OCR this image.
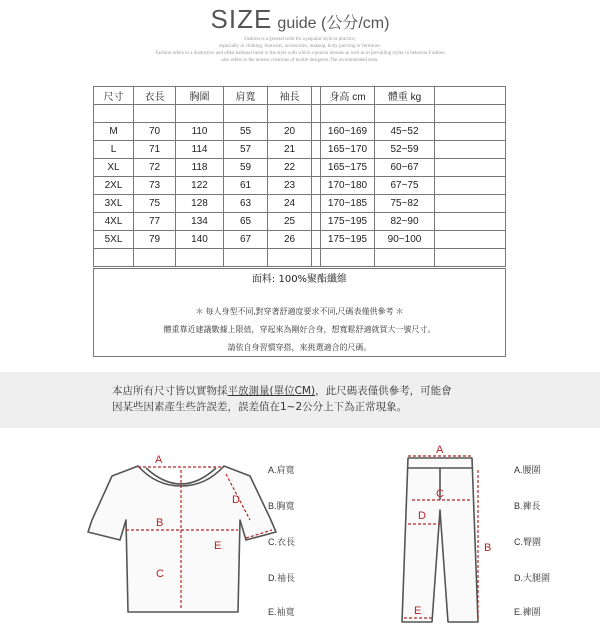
SIZE guide (公分/cm)
Fashion is a general term for a popular style or practice,
especially in clothing, footwear, accessories, makeup, body piercing or furniture.
Fashion refers to a distinctive and often habitual trend in the style with which a person dresses as well as to prevailing styles in behavior.Fashion
also refers to the newest creations of textile designers.The recommended term.
尺寸	衣長	胸圍	肩寬	袖長		身高 cm	體重 kg	

M	70	110	55	20		160~169	45~52	
L	71	114	57	21		165~170	52~59	
XL	72	118	59	22		165~175	60~67	
2XL	73	122	61	23		170~180	67~75	
3XL	75	128	63	24		170~185	75~82	
4XL	77	134	65	25		175~195	82~90	
5XL	79	140	67	26		175~195	90~100	

面料: 100%聚酯纖維
＊ 每人身型不同,對穿著舒適度要求不同,尺碼表僅供參考 ＊
體重靠近建議數據上限值，穿起來為剛好合身，想寬鬆舒適就買大一號尺寸。
請依自身習慣穿搭，來挑選適合的尺碼。
本店所有尺寸皆以實物採平放測量(單位CM)，此尺碼表僅供參考，可能會
因某些因素產生些許誤差，誤差值在1~2公分上下為正常現象。
A
B
C
D
E
A
B
C
D
E
A.肩寬
B.胸寬
C.衣長
D.袖長
E.袖寬
A.腰圍
B.褲長
C.臀圍
D.大腿圍
E.褲圍
